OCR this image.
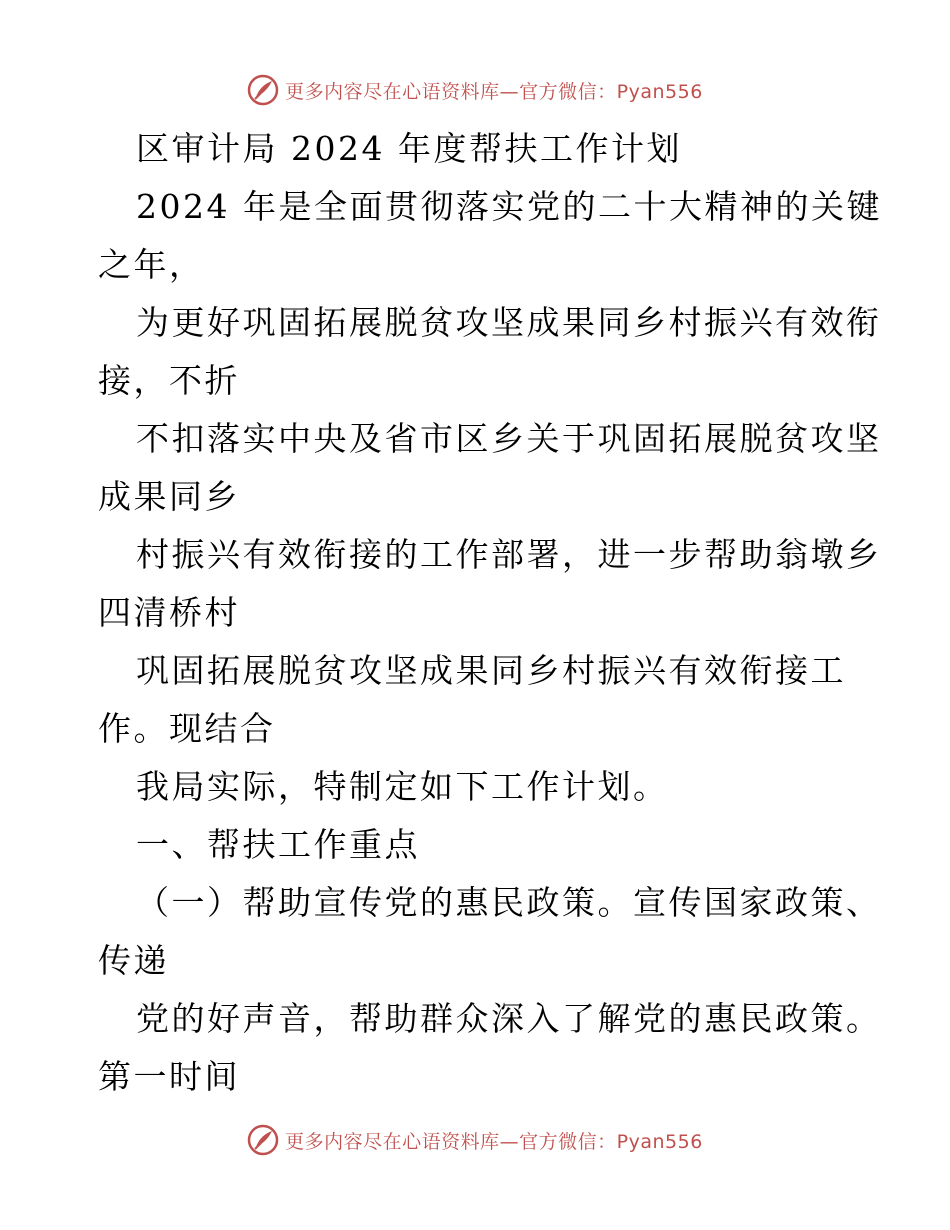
更多内容尽在心语资料库—官方微信：Pyan556
区审计局 2024 年度帮扶工作计划
2024 年是全面贯彻落实党的二十大精神的关键
之年，
为更好巩固拓展脱贫攻坚成果同乡村振兴有效衔
接，不折
不扣落实中央及省市区乡关于巩固拓展脱贫攻坚
成果同乡
村振兴有效衔接的工作部署，进一步帮助翁墩乡
四清桥村
巩固拓展脱贫攻坚成果同乡村振兴有效衔接工
作。现结合
我局实际，特制定如下工作计划。
一、帮扶工作重点
（一）帮助宣传党的惠民政策。宣传国家政策、
传递
党的好声音，帮助群众深入了解党的惠民政策。
第一时间
更多内容尽在心语资料库—官方微信：Pyan556
